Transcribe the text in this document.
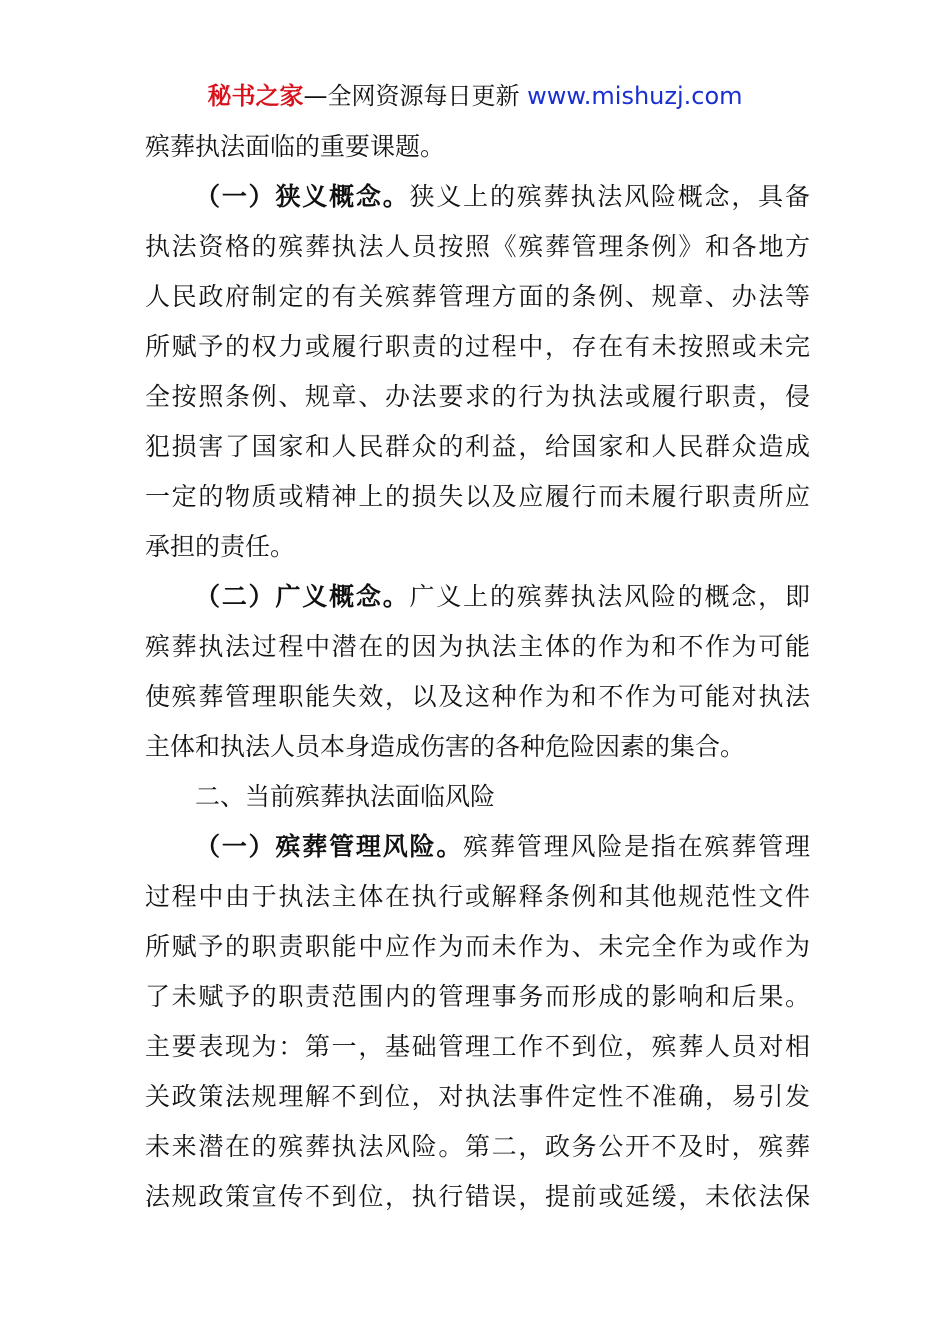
秘书之家—全网资源每日更新 www.mishuzj.com
殡葬执法面临的重要课题。
（一）狭义概念。狭义上的殡葬执法风险概念，具备
执法资格的殡葬执法人员按照《殡葬管理条例》和各地方
人民政府制定的有关殡葬管理方面的条例、规章、办法等
所赋予的权力或履行职责的过程中，存在有未按照或未完
全按照条例、规章、办法要求的行为执法或履行职责，侵
犯损害了国家和人民群众的利益，给国家和人民群众造成
一定的物质或精神上的损失以及应履行而未履行职责所应
承担的责任。
（二）广义概念。广义上的殡葬执法风险的概念，即
殡葬执法过程中潜在的因为执法主体的作为和不作为可能
使殡葬管理职能失效，以及这种作为和不作为可能对执法
主体和执法人员本身造成伤害的各种危险因素的集合。
二、当前殡葬执法面临风险
（一）殡葬管理风险。殡葬管理风险是指在殡葬管理
过程中由于执法主体在执行或解释条例和其他规范性文件
所赋予的职责职能中应作为而未作为、未完全作为或作为
了未赋予的职责范围内的管理事务而形成的影响和后果。
主要表现为：第一，基础管理工作不到位，殡葬人员对相
关政策法规理解不到位，对执法事件定性不准确，易引发
未来潜在的殡葬执法风险。第二，政务公开不及时，殡葬
法规政策宣传不到位，执行错误，提前或延缓，未依法保
